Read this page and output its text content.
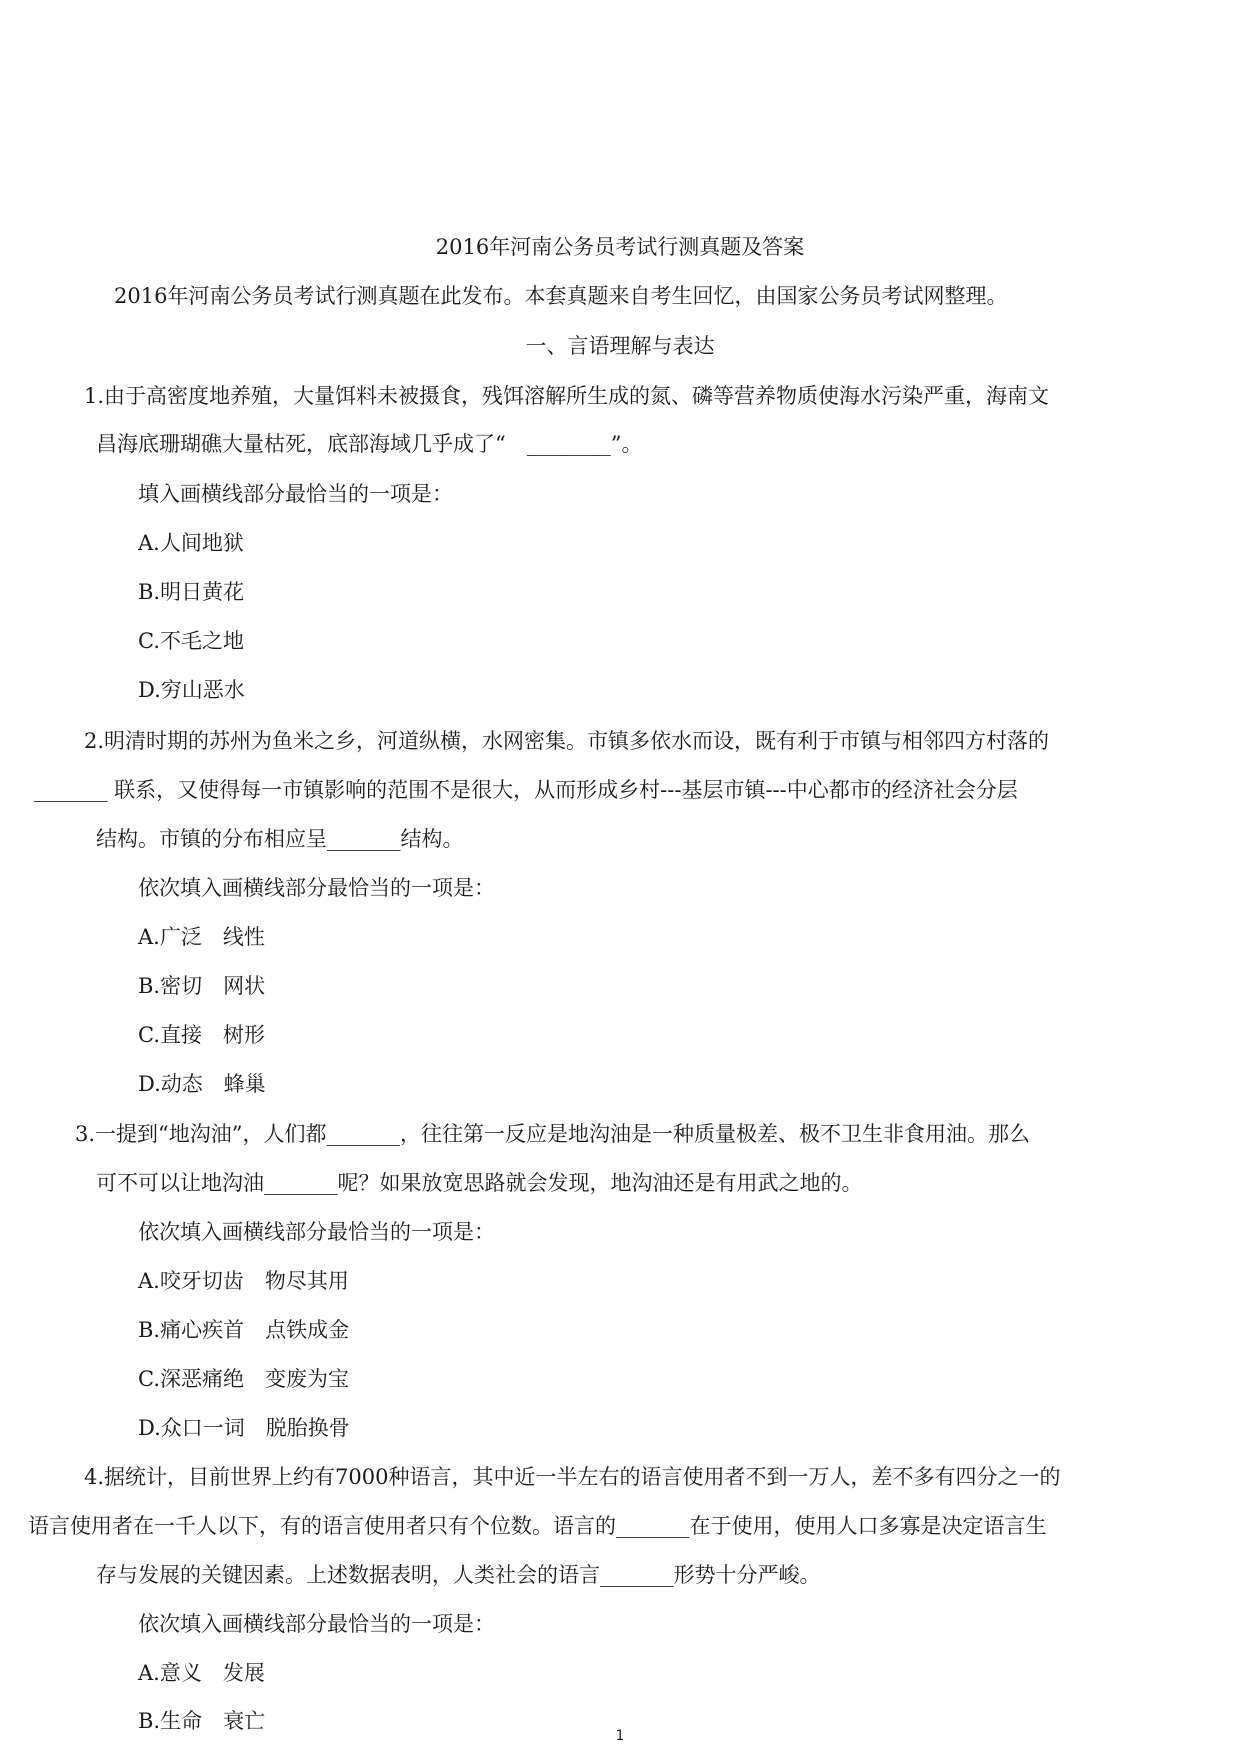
2016年河南公务员考试行测真题及答案
2016年河南公务员考试行测真题在此发布。本套真题来自考生回忆，由国家公务员考试网整理。
一、言语理解与表达
1.由于高密度地养殖，大量饵料未被摄食，残饵溶解所生成的氮、磷等营养物质使海水污染严重，海南文
昌海底珊瑚礁大量枯死，底部海域几乎成了“　________”。
填入画横线部分最恰当的一项是：
A.人间地狱
B.明日黄花
C.不毛之地
D.穷山恶水
2.明清时期的苏州为鱼米之乡，河道纵横，水网密集。市镇多依水而设，既有利于市镇与相邻四方村落的
_______ 联系，又使得每一市镇影响的范围不是很大，从而形成乡村---基层市镇---中心都市的经济社会分层
结构。市镇的分布相应呈_______结构。
依次填入画横线部分最恰当的一项是：
A.广泛　线性
B.密切　网状
C.直接　树形
D.动态　蜂巢
3.一提到“地沟油”，人们都_______，往往第一反应是地沟油是一种质量极差、极不卫生非食用油。那么
可不可以让地沟油_______呢？如果放宽思路就会发现，地沟油还是有用武之地的。
依次填入画横线部分最恰当的一项是：
A.咬牙切齿　物尽其用
B.痛心疾首　点铁成金
C.深恶痛绝　变废为宝
D.众口一词　脱胎换骨
4.据统计，目前世界上约有7000种语言，其中近一半左右的语言使用者不到一万人，差不多有四分之一的
语言使用者在一千人以下，有的语言使用者只有个位数。语言的_______在于使用，使用人口多寡是决定语言生
存与发展的关键因素。上述数据表明，人类社会的语言_______形势十分严峻。
依次填入画横线部分最恰当的一项是：
A.意义　发展
B.生命　衰亡
1
